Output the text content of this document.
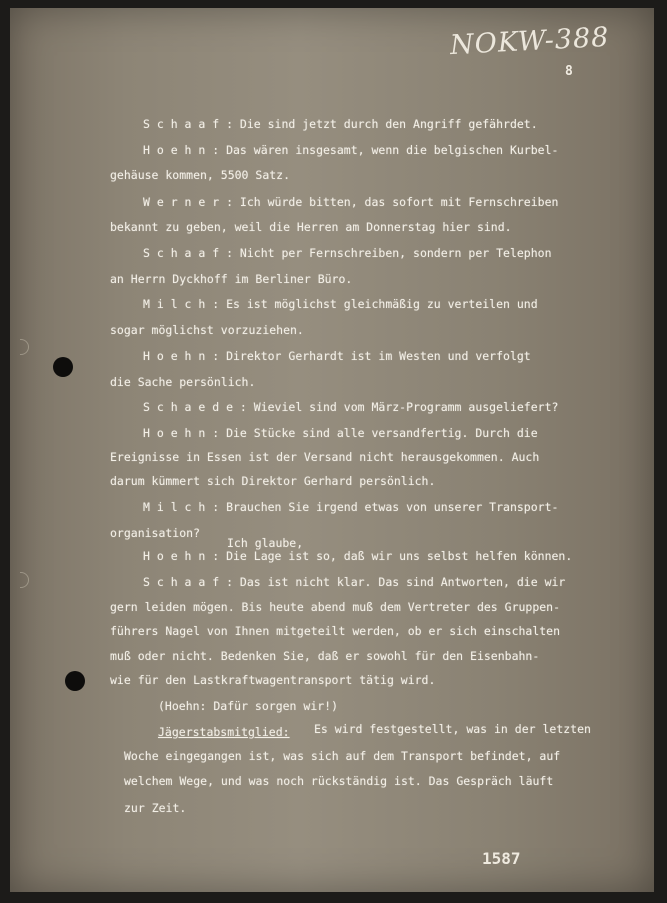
NOKW-388
8

S c h a a f : Die sind jetzt durch den Angriff gefährdet.

H o e h n : Das wären insgesamt, wenn die belgischen Kurbel-

gehäuse kommen, 5500 Satz.

W e r n e r : Ich würde bitten, das sofort mit Fernschreiben

bekannt zu geben, weil die Herren am Donnerstag hier sind.

S c h a a f : Nicht per Fernschreiben, sondern per Telephon

an Herrn Dyckhoff im Berliner Büro.

M i l c h : Es ist möglichst gleichmäßig zu verteilen und

sogar möglichst vorzuziehen.

H o e h n : Direktor Gerhardt ist im Westen und verfolgt

die Sache persönlich.

S c h a e d e : Wieviel sind vom März-Programm ausgeliefert?

H o e h n : Die Stücke sind alle versandfertig. Durch die

Ereignisse in Essen ist der Versand nicht herausgekommen. Auch

darum kümmert sich Direktor Gerhard persönlich.

M i l c h : Brauchen Sie irgend etwas von unserer Transport-

organisation?

Ich glaube,

H o e h n : Die Lage ist so, daß wir uns selbst helfen können.

S c h a a f : Das ist nicht klar. Das sind Antworten, die wir

gern leiden mögen. Bis heute abend muß dem Vertreter des Gruppen-

führers Nagel von Ihnen mitgeteilt werden, ob er sich einschalten

muß oder nicht. Bedenken Sie, daß er sowohl für den Eisenbahn-

wie für den Lastkraftwagentransport tätig wird.

(Hoehn: Dafür sorgen wir!)

Jägerstabsmitglied: Es wird festgestellt, was in der letzten

Woche eingegangen ist, was sich auf dem Transport befindet, auf

welchem Wege, und was noch rückständig ist. Das Gespräch läuft

zur Zeit.

1587
